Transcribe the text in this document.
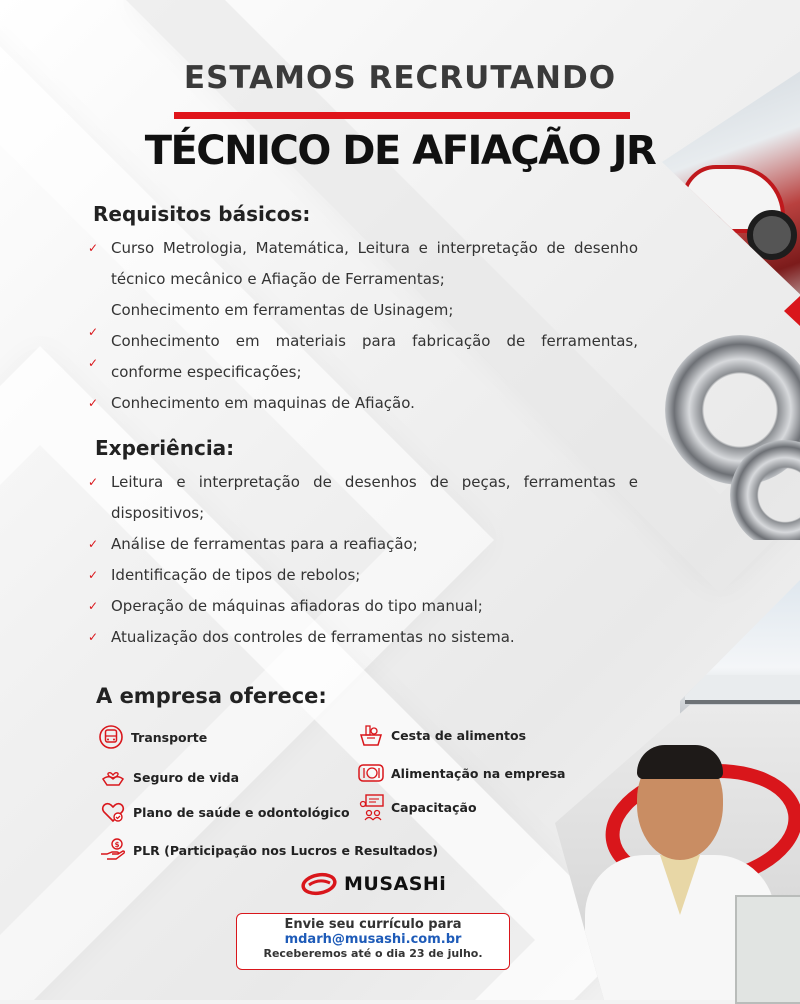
ESTAMOS RECRUTANDO
TÉCNICO DE AFIAÇÃO JR
Requisitos básicos:
✓ Curso Metrologia, Matemática, Leitura e interpretação de desenho técnico mecânico e Afiação de Ferramentas;
✓
Conhecimento em ferramentas de Usinagem;
✓
Conhecimento em materiais para fabricação de ferramentas, conforme especificações;
✓ Conhecimento em maquinas de Afiação.
Experiência:
✓ Leitura e interpretação de desenhos de peças, ferramentas e dispositivos;
✓ Análise de ferramentas para a reafiação;
✓ Identificação de tipos de rebolos;
✓ Operação de máquinas afiadoras do tipo manual;
✓ Atualização dos controles de ferramentas no sistema.
A empresa oferece:
Transporte
Seguro de vida
Plano de saúde e odontológico
$ PLR (Participação nos Lucros e Resultados)
Cesta de alimentos
Alimentação na empresa
Capacitação
MUSASHi
Envie seu currículo para
mdarh@musashi.com.br
Receberemos até o dia 23 de julho.
